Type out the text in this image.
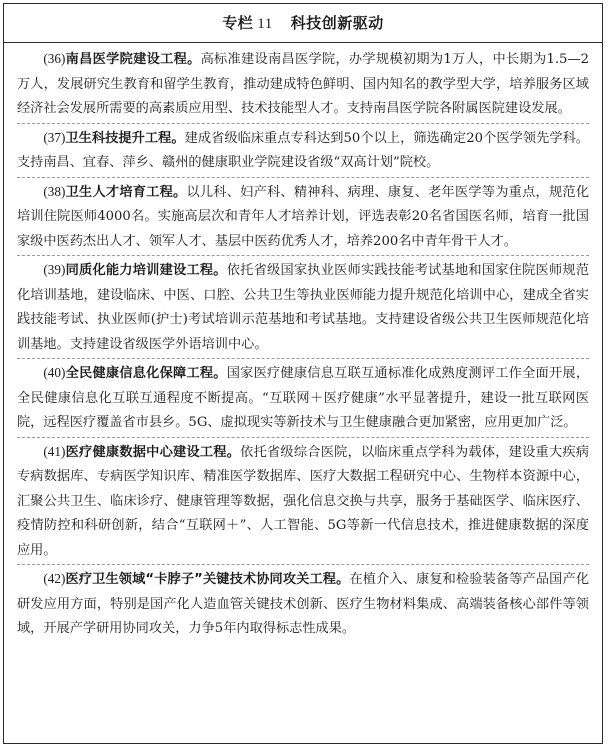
专栏 11 科技创新驱动

(36)南昌医学院建设工程。高标准建设南昌医学院，办学规模初期为1万人，中长期为1.5—2万人，发展研究生教育和留学生教育，推动建成特色鲜明、国内知名的教学型大学，培养服务区域经济社会发展所需要的高素质应用型、技术技能型人才。支持南昌医学院各附属医院建设发展。

(37)卫生科技提升工程。建成省级临床重点专科达到50个以上，筛选确定20个医学领先学科。支持南昌、宜春、萍乡、赣州的健康职业学院建设省级“双高计划”院校。

(38)卫生人才培育工程。以儿科、妇产科、精神科、病理、康复、老年医学等为重点，规范化培训住院医师4000名。实施高层次和青年人才培养计划，评选表彰20名省国医名师，培育一批国家级中医药杰出人才、领军人才、基层中医药优秀人才，培养200名中青年骨干人才。

(39)同质化能力培训建设工程。依托省级国家执业医师实践技能考试基地和国家住院医师规范化培训基地，建设临床、中医、口腔、公共卫生等执业医师能力提升规范化培训中心，建成全省实践技能考试、执业医师(护士)考试培训示范基地和考试基地。支持建设省级公共卫生医师规范化培训基地。支持建设省级医学外语培训中心。

(40)全民健康信息化保障工程。国家医疗健康信息互联互通标准化成熟度测评工作全面开展，全民健康信息化互联互通程度不断提高。“互联网＋医疗健康”水平显著提升，建设一批互联网医院，远程医疗覆盖省市县乡。5G、虚拟现实等新技术与卫生健康融合更加紧密，应用更加广泛。

(41)医疗健康数据中心建设工程。依托省级综合医院，以临床重点学科为载体，建设重大疾病专病数据库、专病医学知识库、精准医学数据库、医疗大数据工程研究中心、生物样本资源中心，汇聚公共卫生、临床诊疗、健康管理等数据，强化信息交换与共享，服务于基础医学、临床医疗、疫情防控和科研创新，结合“互联网＋”、人工智能、5G等新一代信息技术，推进健康数据的深度应用。

(42)医疗卫生领域“卡脖子”关键技术协同攻关工程。在植介入、康复和检验装备等产品国产化研发应用方面，特别是国产化人造血管关键技术创新、医疗生物材料集成、高端装备核心部件等领域，开展产学研用协同攻关，力争5年内取得标志性成果。
